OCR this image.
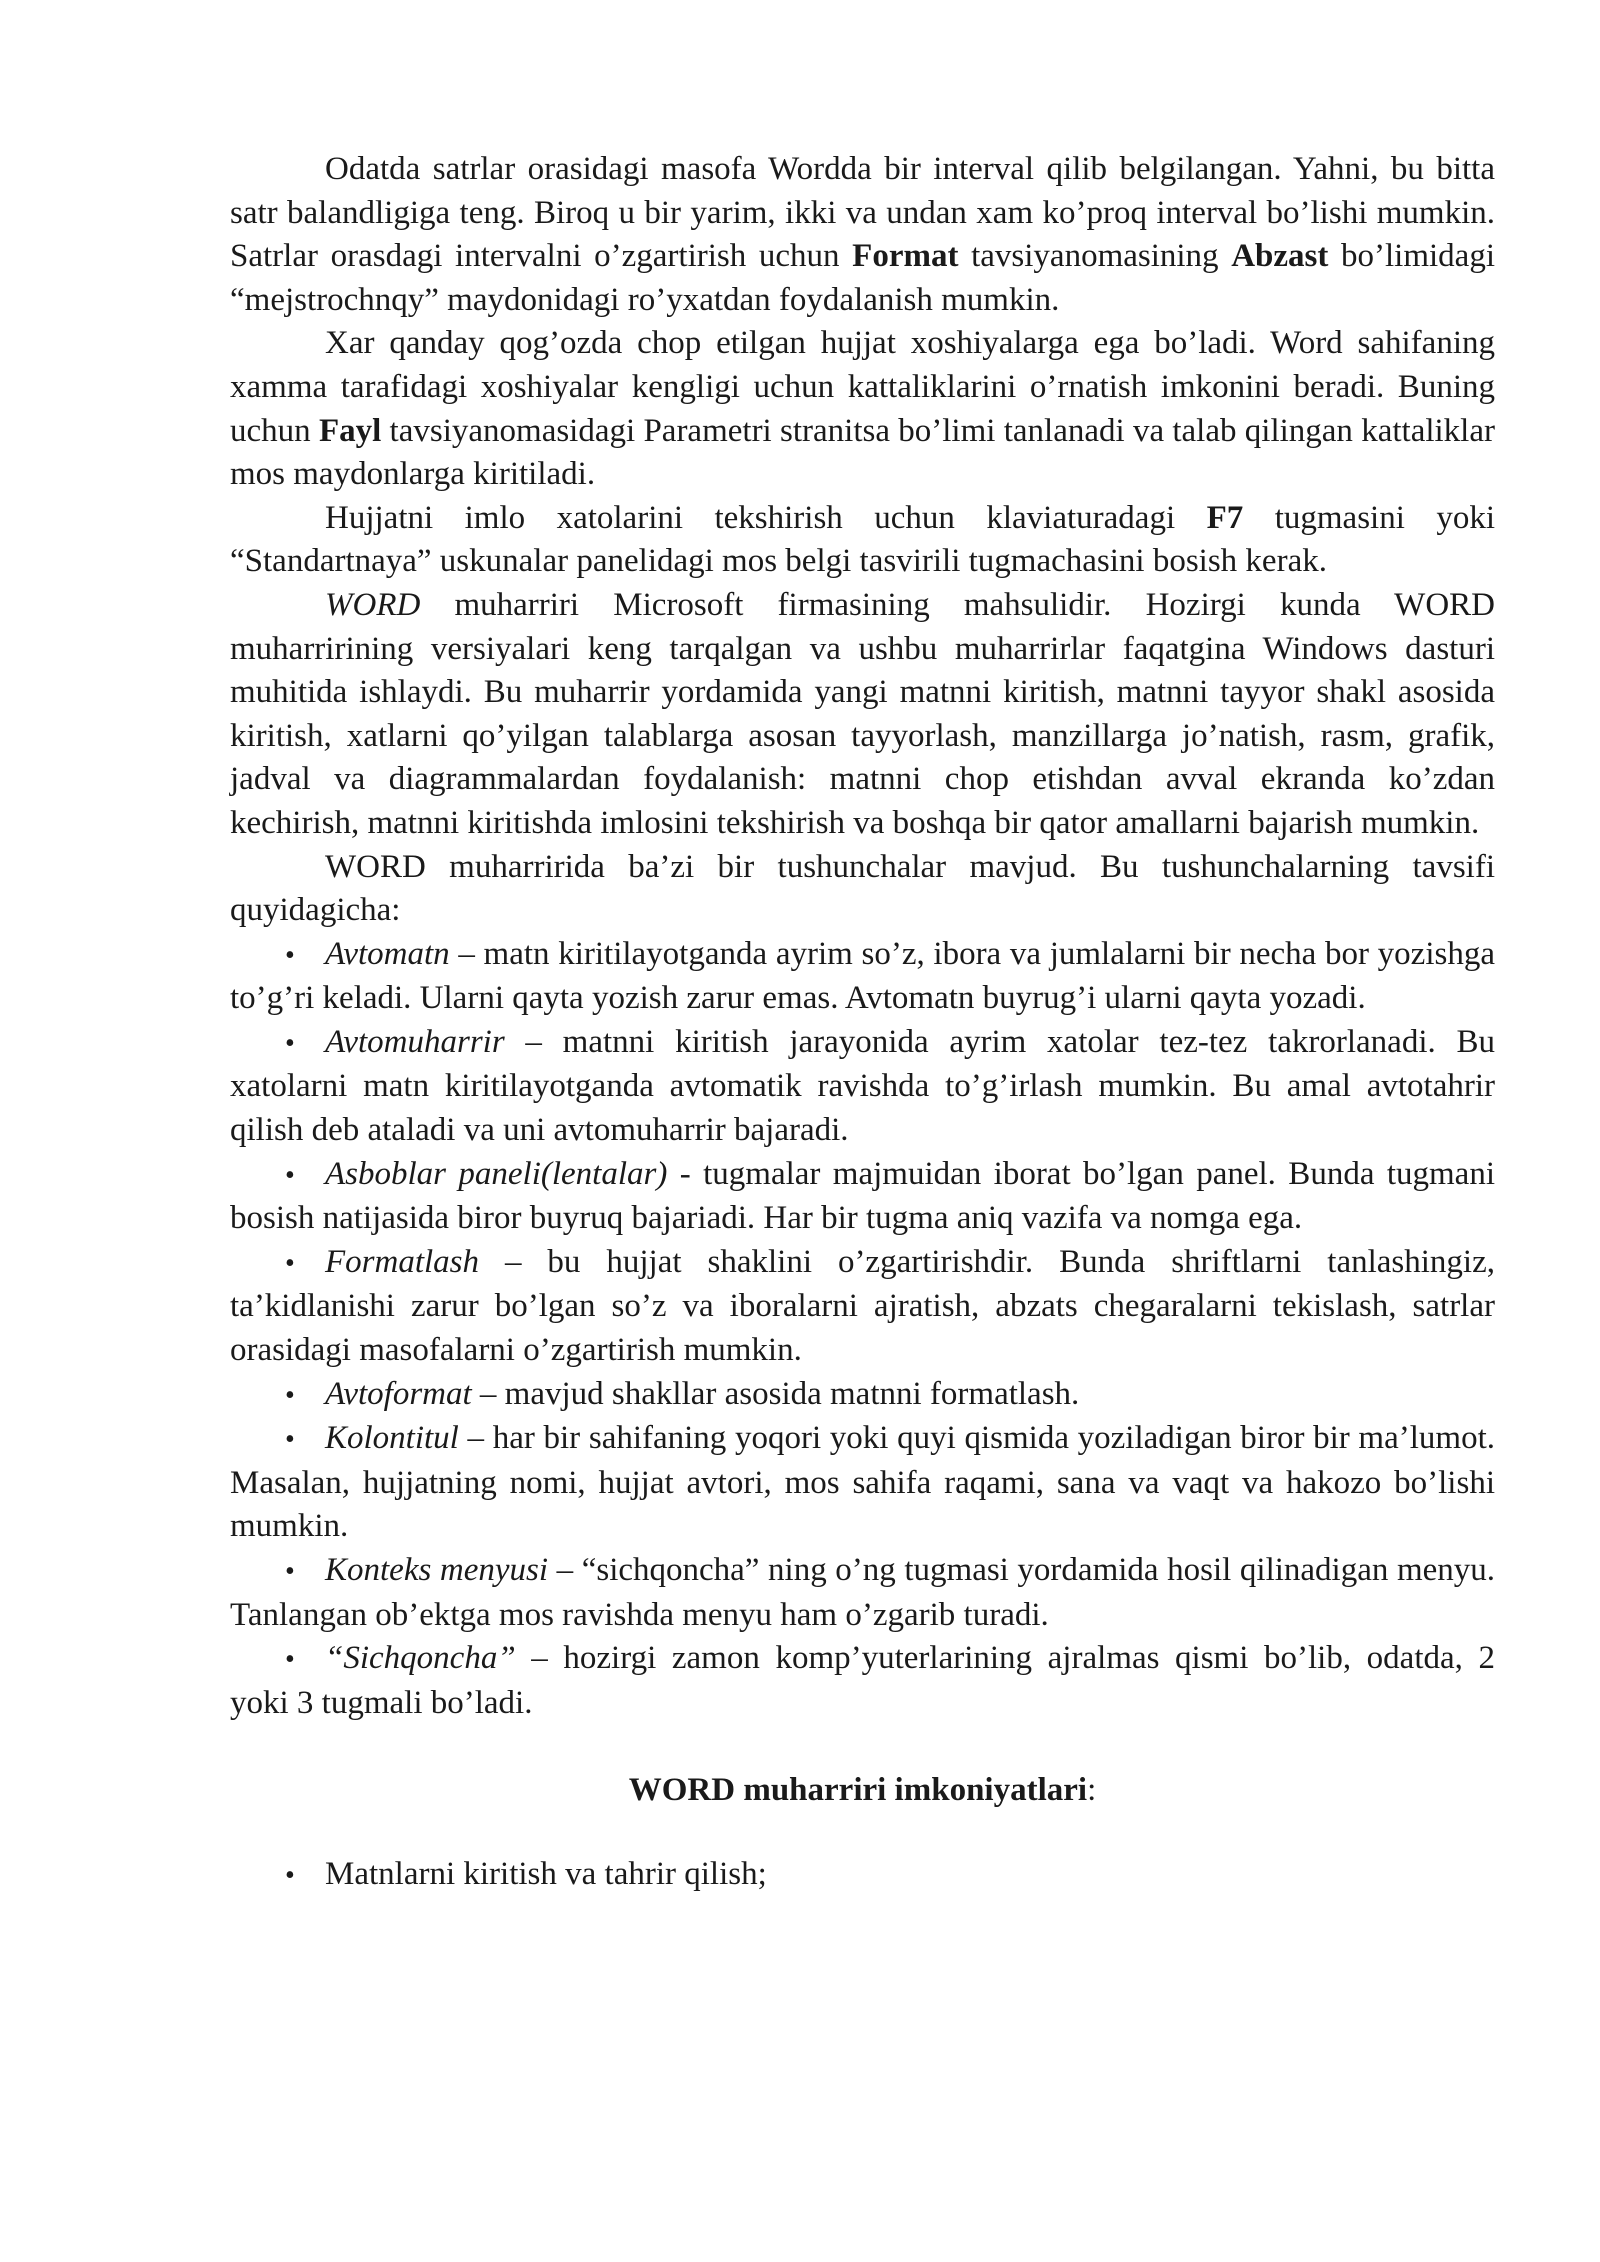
Odatda satrlar orasidagi masofa Wordda bir interval qilib belgilangan. Yahni, bu bitta satr balandligiga teng. Biroq u bir yarim, ikki va undan xam ko’proq interval bo’lishi mumkin. Satrlar orasdagi intervalni o’zgartirish uchun Format tavsiyanomasining Abzast bo’limidagi “mejstrochnqy” maydonidagi ro’yxatdan foydalanish mumkin.

Xar qanday qog’ozda chop etilgan hujjat xoshiyalarga ega bo’ladi. Word sahifaning xamma tarafidagi xoshiyalar kengligi uchun kattaliklarini o’rnatish imkonini beradi. Buning uchun Fayl tavsiyanomasidagi Parametri stranitsa bo’limi tanlanadi va talab qilingan kattaliklar mos maydonlarga kiritiladi.

Hujjatni imlo xatolarini tekshirish uchun klaviaturadagi F7 tugmasini yoki “Standartnaya” uskunalar panelidagi mos belgi tasvirili tugmachasini bosish kerak.

WORD muharriri Microsoft firmasining mahsulidir. Hozirgi kunda WORD muharririning versiyalari keng tarqalgan va ushbu muharrirlar faqatgina Windows dasturi muhitida ishlaydi. Bu muharrir yordamida yangi matnni kiritish, matnni tayyor shakl asosida kiritish, xatlarni qo’yilgan talablarga asosan tayyorlash, manzillarga jo’natish, rasm, grafik, jadval va diagrammalardan foydalanish: matnni chop etishdan avval ekranda ko’zdan kechirish, matnni kiritishda imlosini tekshirish va boshqa bir qator amallarni bajarish mumkin.

WORD muharririda ba’zi bir tushunchalar mavjud. Bu tushunchalarning tavsifi quyidagicha:

• Avtomatn – matn kiritilayotganda ayrim so’z, ibora va jumlalarni bir necha bor yozishga to’g’ri keladi. Ularni qayta yozish zarur emas. Avtomatn buyrug’i ularni qayta yozadi.

• Avtomuharrir – matnni kiritish jarayonida ayrim xatolar tez-tez takrorlanadi. Bu xatolarni matn kiritilayotganda avtomatik ravishda to’g’irlash mumkin. Bu amal avtotahrir qilish deb ataladi va uni avtomuharrir bajaradi.

• Asboblar paneli(lentalar) - tugmalar majmuidan iborat bo’lgan panel. Bunda tugmani bosish natijasida biror buyruq bajariadi. Har bir tugma aniq vazifa va nomga ega.

• Formatlash – bu hujjat shaklini o’zgartirishdir. Bunda shriftlarni tanlashingiz, ta’kidlanishi zarur bo’lgan so’z va iboralarni ajratish, abzats chegaralarni tekislash, satrlar orasidagi masofalarni o’zgartirish mumkin.

• Avtoformat – mavjud shakllar asosida matnni formatlash.

• Kolontitul – har bir sahifaning yoqori yoki quyi qismida yoziladigan biror bir ma’lumot. Masalan, hujjatning nomi, hujjat avtori, mos sahifa raqami, sana va vaqt va hakozo bo’lishi mumkin.

• Konteks menyusi – “sichqoncha” ning o’ng tugmasi yordamida hosil qilinadigan menyu. Tanlangan ob’ektga mos ravishda menyu ham o’zgarib turadi.

• “Sichqoncha” – hozirgi zamon komp’yuterlarining ajralmas qismi bo’lib, odatda, 2 yoki 3 tugmali bo’ladi.

WORD muharriri imkoniyatlari:

• Matnlarni kiritish va tahrir qilish;
